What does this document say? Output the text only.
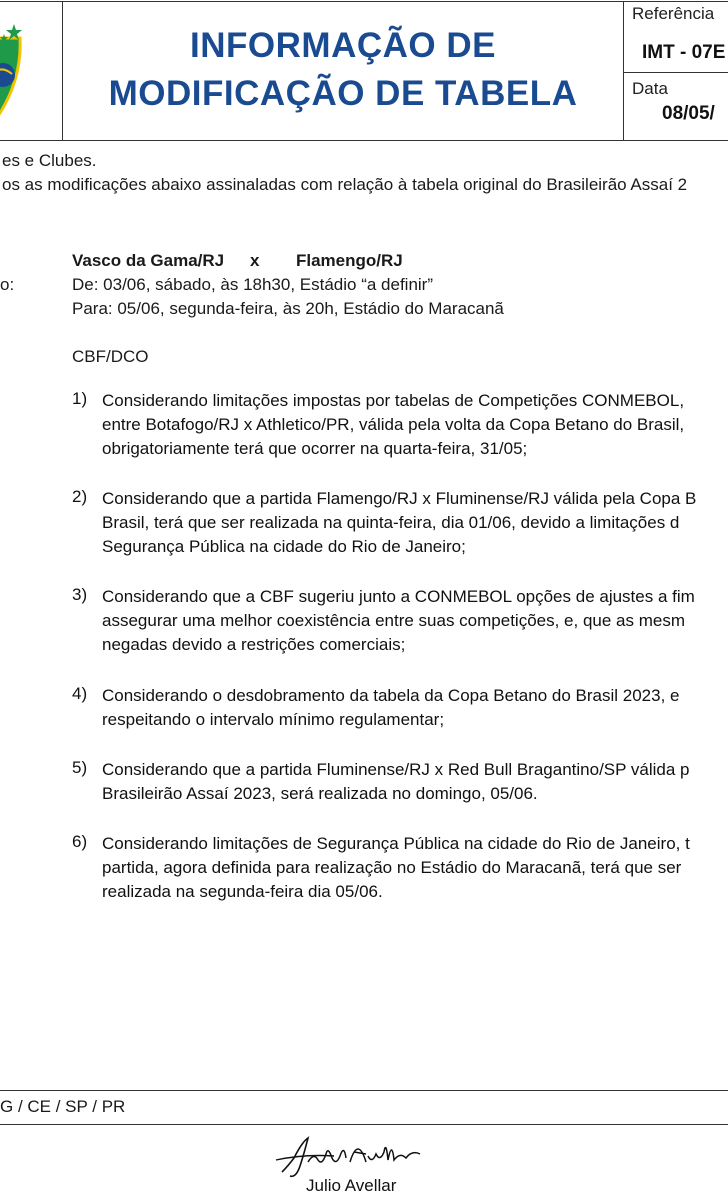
INFORMAÇÃO DE
MODIFICAÇÃO DE TABELA
Referência
IMT - 07E
Data
08/05/
es e Clubes.
os as modificações abaixo assinaladas com relação à tabela original do Brasileirão Assaí 2
Vasco da Gama/RJ x Flamengo/RJ
o:	De: 03/06, sábado, às 18h30, Estádio “a definir”
Para: 05/06, segunda-feira, às 20h, Estádio do Maracanã
CBF/DCO
1) Considerando limitações impostas por tabelas de Competições CONMEBOL,
entre Botafogo/RJ x Athletico/PR, válida pela volta da Copa Betano do Brasil,
obrigatoriamente terá que ocorrer na quarta-feira, 31/05;
2) Considerando que a partida Flamengo/RJ x Fluminense/RJ válida pela Copa B
Brasil, terá que ser realizada na quinta-feira, dia 01/06, devido a limitações d
Segurança Pública na cidade do Rio de Janeiro;
3) Considerando que a CBF sugeriu junto a CONMEBOL opções de ajustes a fim
assegurar uma melhor coexistência entre suas competições, e, que as mesm
negadas devido a restrições comerciais;
4) Considerando o desdobramento da tabela da Copa Betano do Brasil 2023, e
respeitando o intervalo mínimo regulamentar;
5) Considerando que a partida Fluminense/RJ x Red Bull Bragantino/SP válida p
Brasileirão Assaí 2023, será realizada no domingo, 05/06.
6) Considerando limitações de Segurança Pública na cidade do Rio de Janeiro, t
partida, agora definida para realização no Estádio do Maracanã, terá que ser
realizada na segunda-feira dia 05/06.
G / CE / SP / PR
Julio Avellar
